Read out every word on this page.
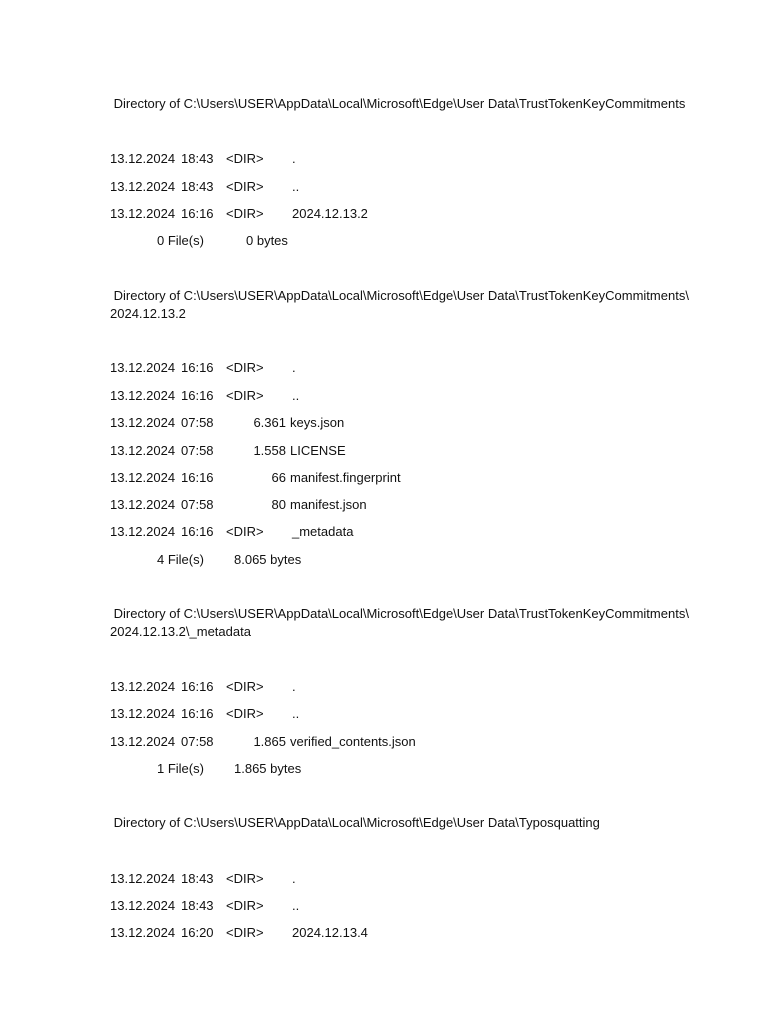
Directory of C:\Users\USER\AppData\Local\Microsoft\Edge\User Data\TrustTokenKeyCommitments
13.12.2024 18:43 <DIR> .
13.12.2024 18:43 <DIR> ..
13.12.2024 16:16 <DIR> 2024.12.13.2
0 File(s)	0 bytes
Directory of C:\Users\USER\AppData\Local\Microsoft\Edge\User Data\TrustTokenKeyCommitments\
2024.12.13.2
13.12.2024 16:16 <DIR> .
13.12.2024 16:16 <DIR> ..
13.12.2024 07:58	6.361 keys.json
13.12.2024 07:58	1.558 LICENSE
13.12.2024 16:16	66 manifest.fingerprint
13.12.2024 07:58	80 manifest.json
13.12.2024 16:16 <DIR> _metadata
4 File(s) 8.065 bytes
Directory of C:\Users\USER\AppData\Local\Microsoft\Edge\User Data\TrustTokenKeyCommitments\
2024.12.13.2\_metadata
13.12.2024 16:16 <DIR> .
13.12.2024 16:16 <DIR> ..
13.12.2024 07:58	1.865 verified_contents.json
1 File(s) 1.865 bytes
Directory of C:\Users\USER\AppData\Local\Microsoft\Edge\User Data\Typosquatting
13.12.2024 18:43 <DIR> .
13.12.2024 18:43 <DIR> ..
13.12.2024 16:20 <DIR> 2024.12.13.4
